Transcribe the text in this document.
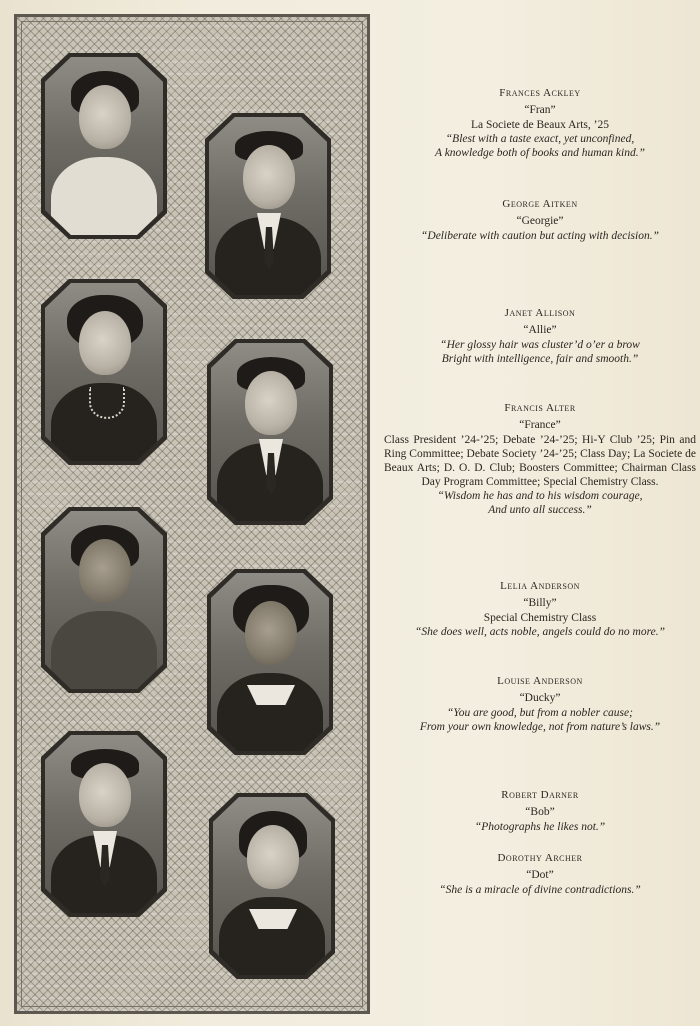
Frances Ackley
“Fran”
La Societe de Beaux Arts, ’25
“Blest with a taste exact, yet unconfined,
A knowledge both of books and human kind.”
George Aitken
“Georgie”
“Deliberate with caution but acting with decision.”
Janet Allison
“Allie”
“Her glossy hair was cluster’d o’er a brow
Bright with intelligence, fair and smooth.”
Francis Alter
“France”
Class President ’24-’25; Debate ’24-’25; Hi-Y Club ’25; Pin and Ring Committee; Debate Society ’24-’25; Class Day; La Societe de Beaux Arts; D. O. D. Club; Boosters Committee; Chairman Class Day Program Committee; Special Chemistry Class.
“Wisdom he has and to his wisdom courage,
And unto all success.”
Lelia Anderson
“Billy”
Special Chemistry Class
“She does well, acts noble, angels could do no more.”
Louise Anderson
“Ducky”
“You are good, but from a nobler cause;
From your own knowledge, not from nature’s laws.”
Robert Darner
“Bob”
“Photographs he likes not.”
Dorothy Archer
“Dot”
“She is a miracle of divine contradictions.”
